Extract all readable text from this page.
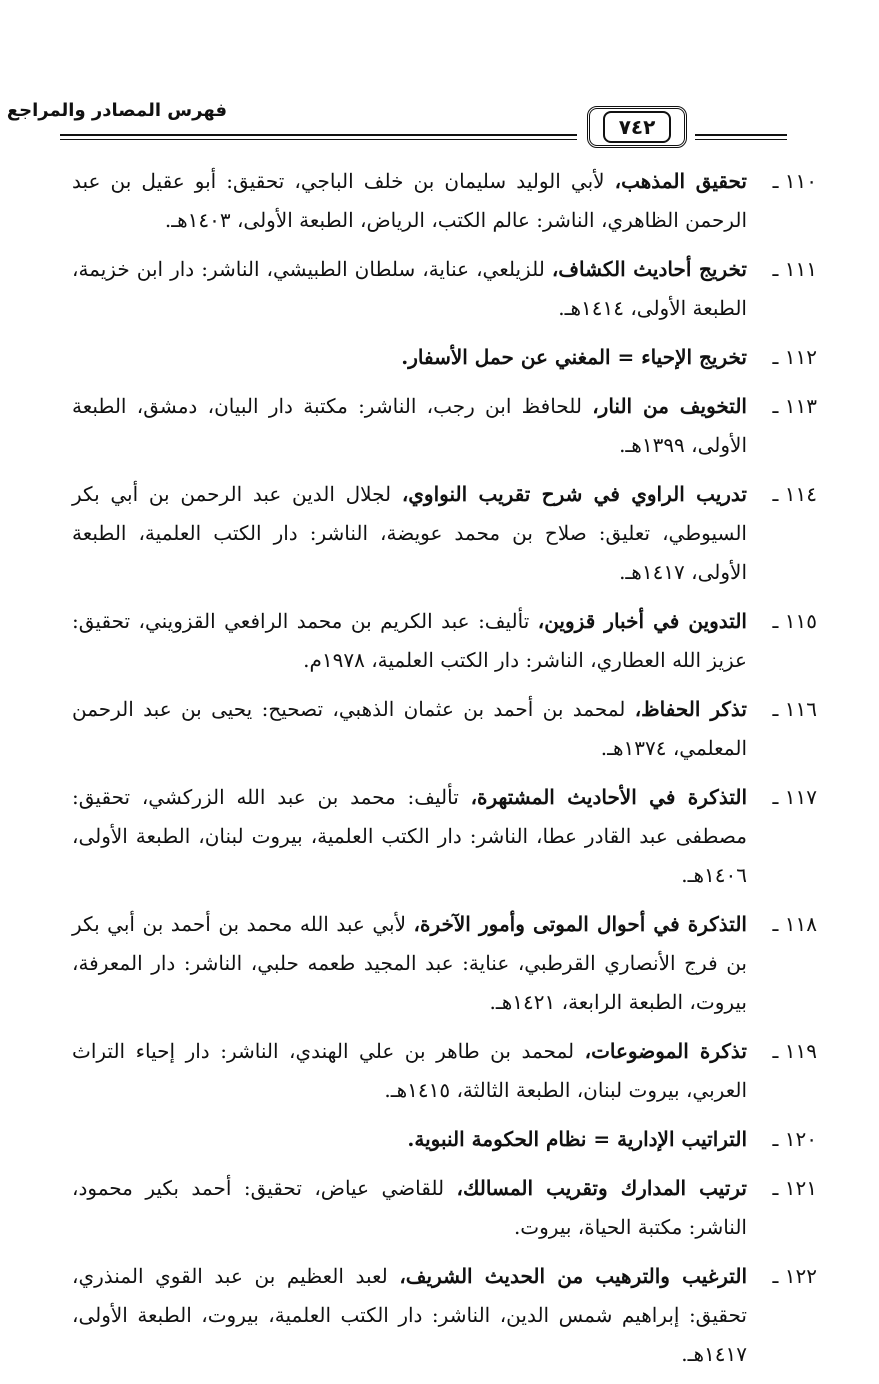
٧٤٢
فهرس المصادر والمراجع

١١٠ ـتحقيق المذهب، لأبي الوليد سليمان بن خلف الباجي، تحقيق: أبو عقيل بن عبد الرحمن الظاهري، الناشر: عالم الكتب، الرياض، الطبعة الأولى، ١٤٠٣هـ.

١١١ ـتخريج أحاديث الكشاف، للزيلعي، عناية، سلطان الطبيشي، الناشر: دار ابن خزيمة، الطبعة الأولى، ١٤١٤هـ.

١١٢ ـتخريج الإحياء = المغني عن حمل الأسفار.

١١٣ ـالتخويف من النار، للحافظ ابن رجب، الناشر: مكتبة دار البيان، دمشق، الطبعة الأولى، ١٣٩٩هـ.

١١٤ ـتدريب الراوي في شرح تقريب النواوي، لجلال الدين عبد الرحمن بن أبي بكر السيوطي، تعليق: صلاح بن محمد عويضة، الناشر: دار الكتب العلمية، الطبعة الأولى، ١٤١٧هـ.

١١٥ ـالتدوين في أخبار قزوين، تأليف: عبد الكريم بن محمد الرافعي القزويني، تحقيق: عزيز الله العطاري، الناشر: دار الكتب العلمية، ١٩٧٨م.

١١٦ ـتذكر الحفاظ، لمحمد بن أحمد بن عثمان الذهبي، تصحيح: يحيى بن عبد الرحمن المعلمي، ١٣٧٤هـ.

١١٧ ـالتذكرة في الأحاديث المشتهرة، تأليف: محمد بن عبد الله الزركشي، تحقيق: مصطفى عبد القادر عطا، الناشر: دار الكتب العلمية، بيروت لبنان، الطبعة الأولى، ١٤٠٦هـ.

١١٨ ـالتذكرة في أحوال الموتى وأمور الآخرة، لأبي عبد الله محمد بن أحمد بن أبي بكر بن فرج الأنصاري القرطبي، عناية: عبد المجيد طعمه حلبي، الناشر: دار المعرفة، بيروت، الطبعة الرابعة، ١٤٢١هـ.

١١٩ ـتذكرة الموضوعات، لمحمد بن طاهر بن علي الهندي، الناشر: دار إحياء التراث العربي، بيروت لبنان، الطبعة الثالثة، ١٤١٥هـ.

١٢٠ ـالتراتيب الإدارية = نظام الحكومة النبوية.

١٢١ ـترتيب المدارك وتقريب المسالك، للقاضي عياض، تحقيق: أحمد بكير محمود، الناشر: مكتبة الحياة، بيروت.

١٢٢ ـالترغيب والترهيب من الحديث الشريف، لعبد العظيم بن عبد القوي المنذري، تحقيق: إبراهيم شمس الدين، الناشر: دار الكتب العلمية، بيروت، الطبعة الأولى، ١٤١٧هـ.
